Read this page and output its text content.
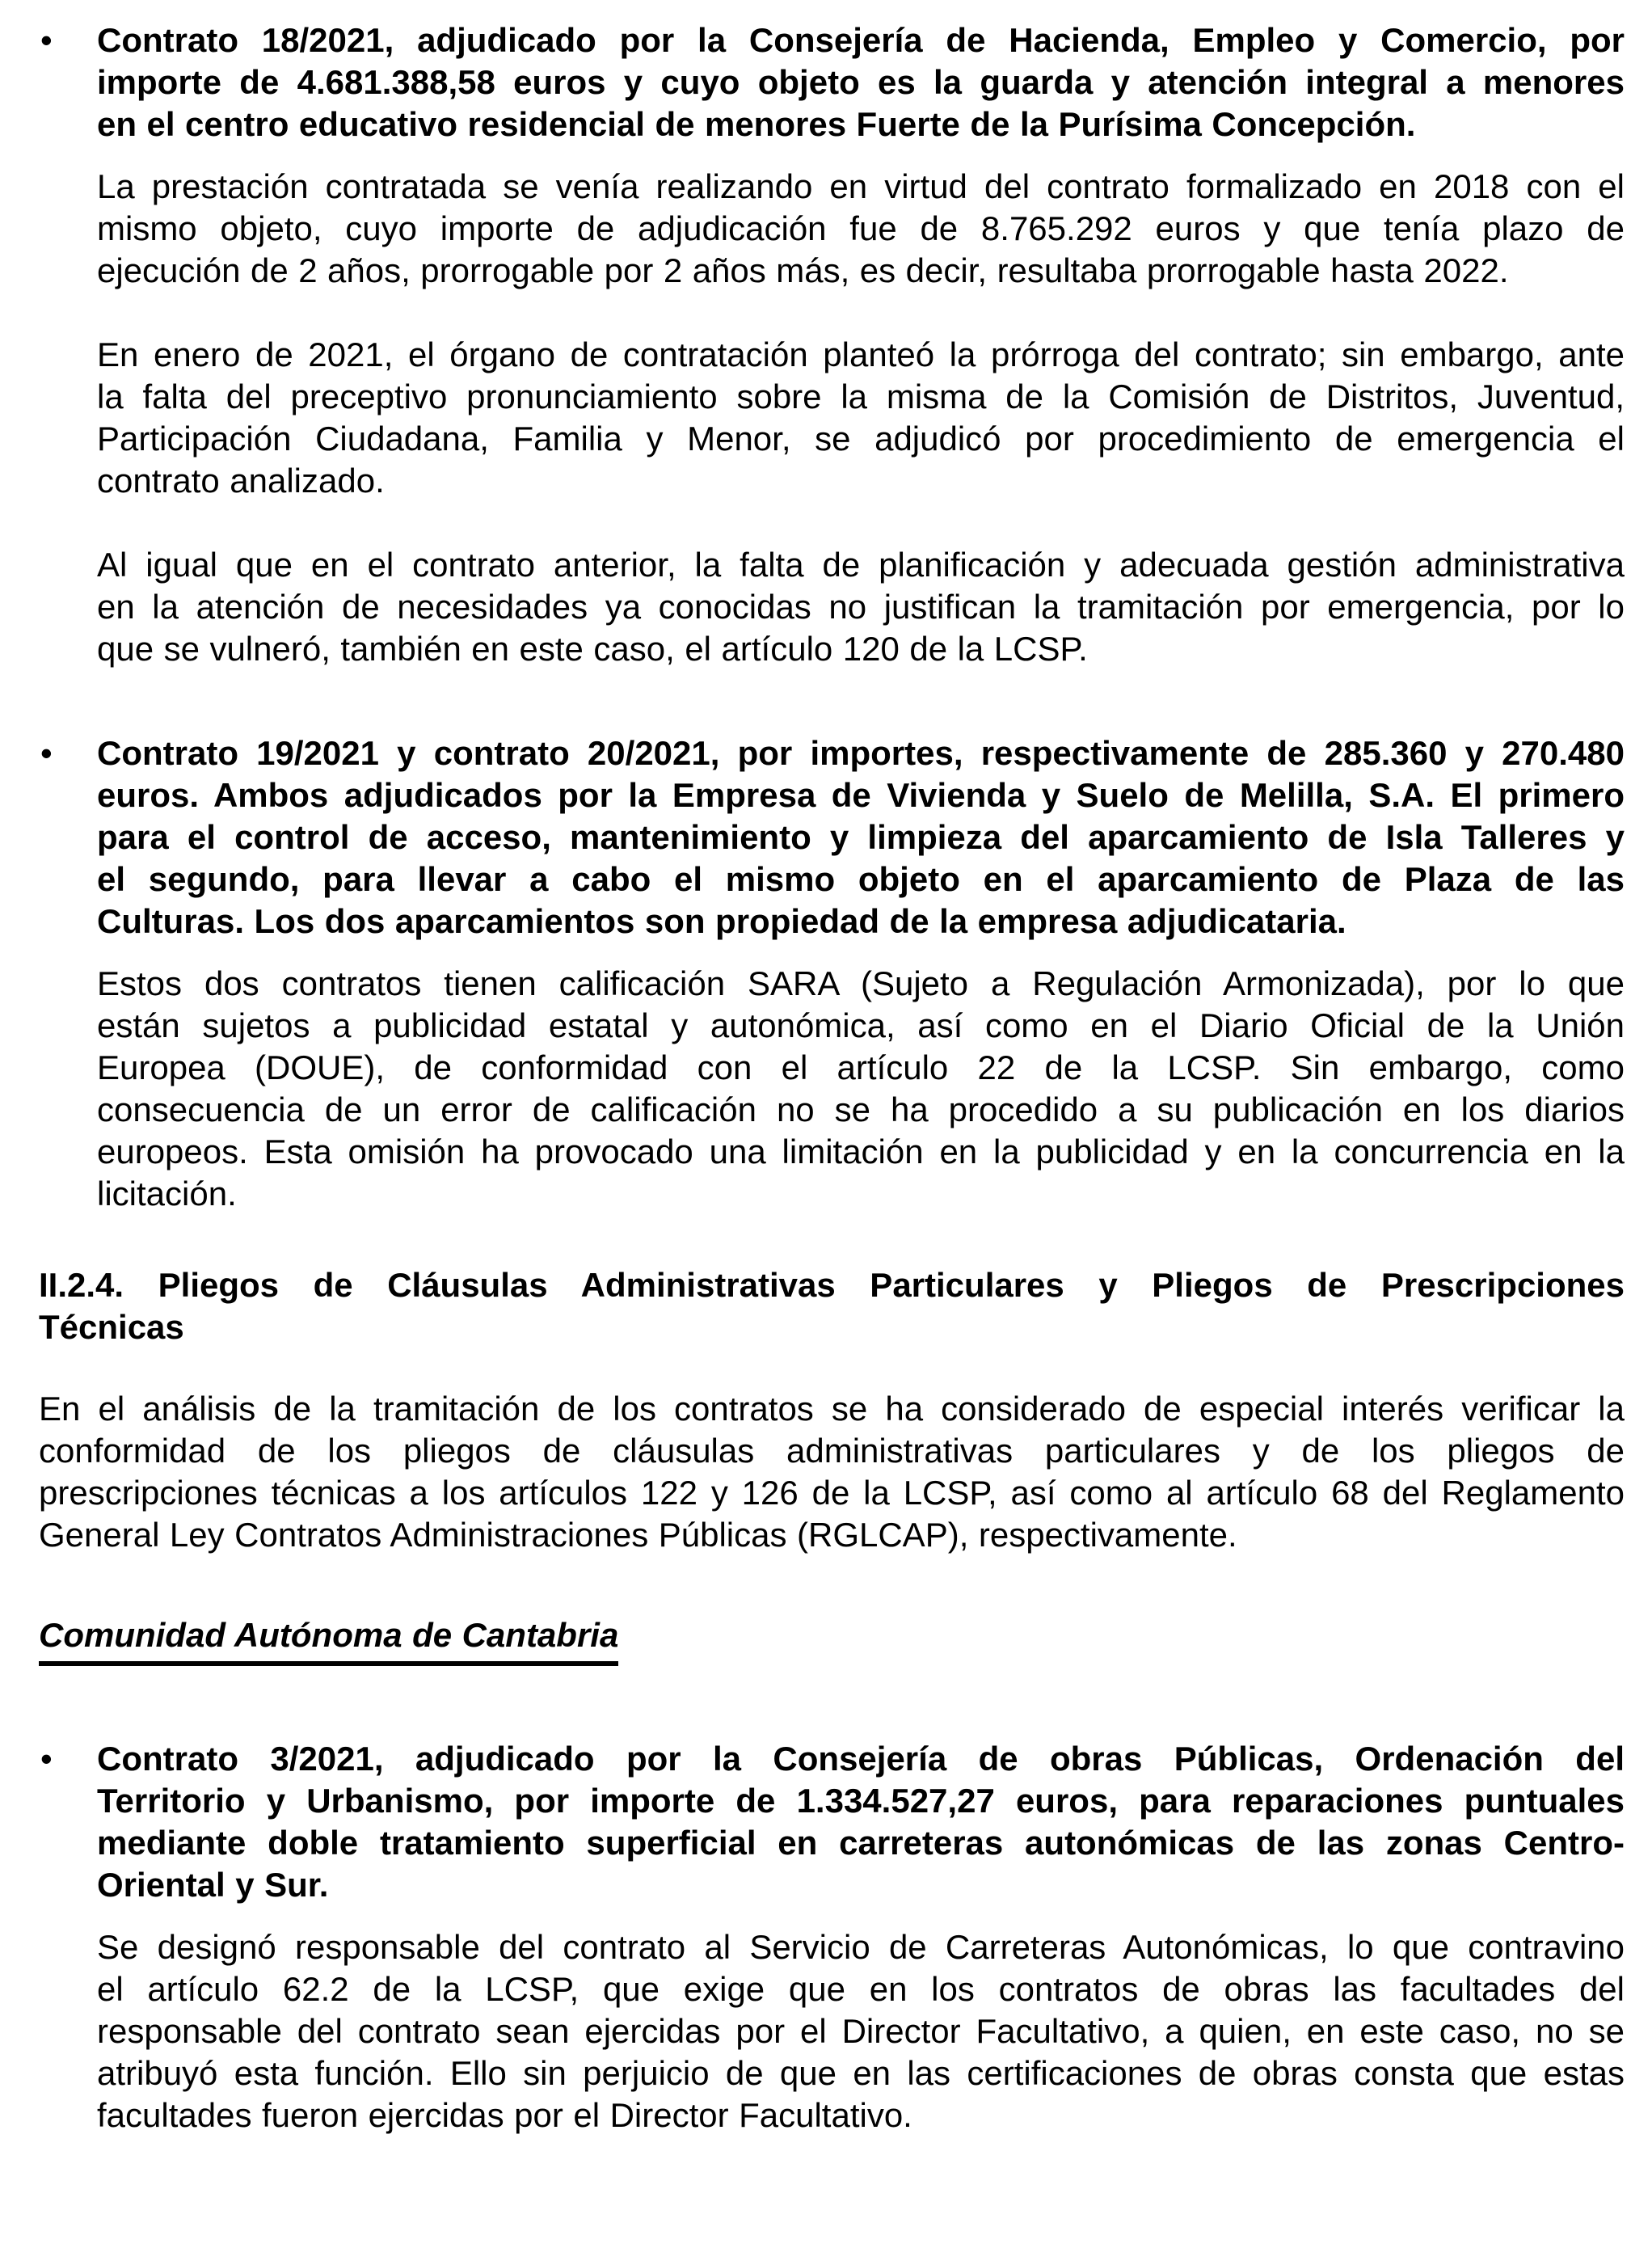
• Contrato 18/2021, adjudicado por la Consejería de Hacienda, Empleo y Comercio, por
importe de 4.681.388,58 euros y cuyo objeto es la guarda y atención integral a menores
en el centro educativo residencial de menores Fuerte de la Purísima Concepción.
La prestación contratada se venía realizando en virtud del contrato formalizado en 2018 con el
mismo objeto, cuyo importe de adjudicación fue de 8.765.292 euros y que tenía plazo de
ejecución de 2 años, prorrogable por 2 años más, es decir, resultaba prorrogable hasta 2022.
En enero de 2021, el órgano de contratación planteó la prórroga del contrato; sin embargo, ante
la falta del preceptivo pronunciamiento sobre la misma de la Comisión de Distritos, Juventud,
Participación Ciudadana, Familia y Menor, se adjudicó por procedimiento de emergencia el
contrato analizado.
Al igual que en el contrato anterior, la falta de planificación y adecuada gestión administrativa
en la atención de necesidades ya conocidas no justifican la tramitación por emergencia, por lo
que se vulneró, también en este caso, el artículo 120 de la LCSP.
• Contrato 19/2021 y contrato 20/2021, por importes, respectivamente de 285.360 y 270.480
euros. Ambos adjudicados por la Empresa de Vivienda y Suelo de Melilla, S.A. El primero
para el control de acceso, mantenimiento y limpieza del aparcamiento de Isla Talleres y
el segundo, para llevar a cabo el mismo objeto en el aparcamiento de Plaza de las
Culturas. Los dos aparcamientos son propiedad de la empresa adjudicataria.
Estos dos contratos tienen calificación SARA (Sujeto a Regulación Armonizada), por lo que
están sujetos a publicidad estatal y autonómica, así como en el Diario Oficial de la Unión
Europea (DOUE), de conformidad con el artículo 22 de la LCSP. Sin embargo, como
consecuencia de un error de calificación no se ha procedido a su publicación en los diarios
europeos. Esta omisión ha provocado una limitación en la publicidad y en la concurrencia en la
licitación.
II.2.4. Pliegos de Cláusulas Administrativas Particulares y Pliegos de Prescripciones
Técnicas
En el análisis de la tramitación de los contratos se ha considerado de especial interés verificar la
conformidad de los pliegos de cláusulas administrativas particulares y de los pliegos de
prescripciones técnicas a los artículos 122 y 126 de la LCSP, así como al artículo 68 del Reglamento
General Ley Contratos Administraciones Públicas (RGLCAP), respectivamente.
Comunidad Autónoma de Cantabria
• Contrato 3/2021, adjudicado por la Consejería de obras Públicas, Ordenación del
Territorio y Urbanismo, por importe de 1.334.527,27 euros, para reparaciones puntuales
mediante doble tratamiento superficial en carreteras autonómicas de las zonas Centro-
Oriental y Sur.
Se designó responsable del contrato al Servicio de Carreteras Autonómicas, lo que contravino
el artículo 62.2 de la LCSP, que exige que en los contratos de obras las facultades del
responsable del contrato sean ejercidas por el Director Facultativo, a quien, en este caso, no se
atribuyó esta función. Ello sin perjuicio de que en las certificaciones de obras consta que estas
facultades fueron ejercidas por el Director Facultativo.
